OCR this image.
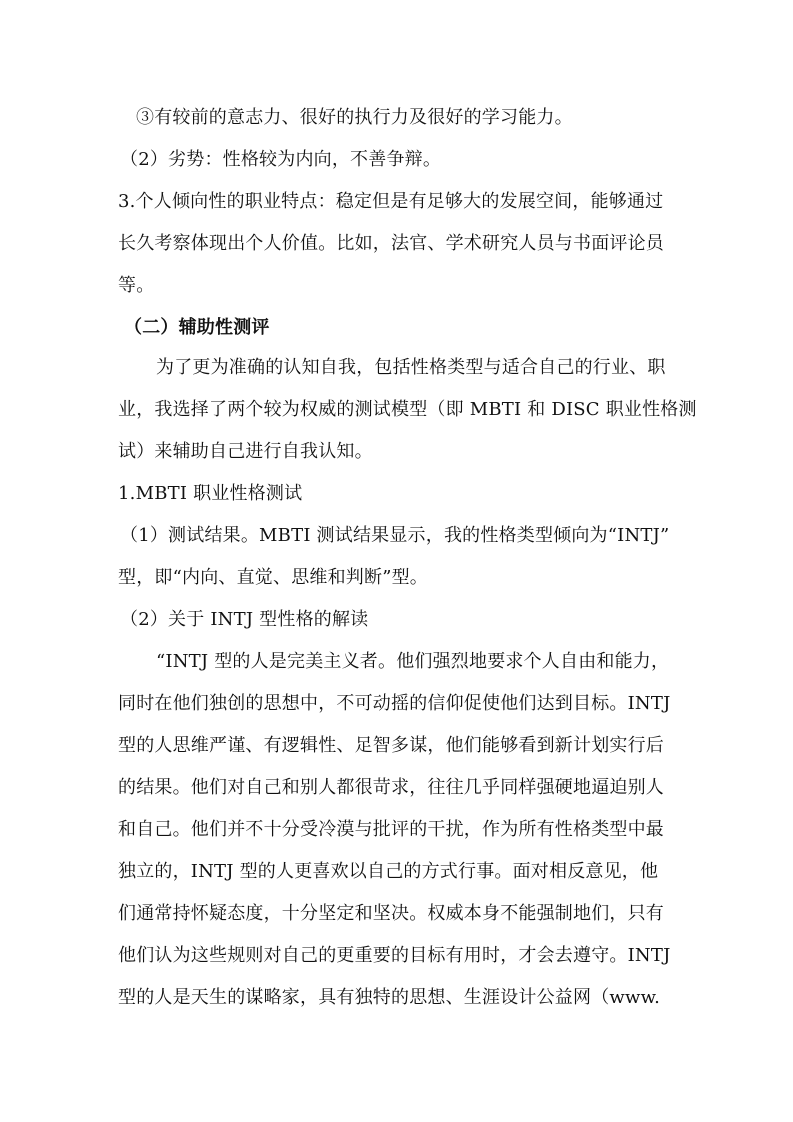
③有较前的意志力、很好的执行力及很好的学习能力。
（2）劣势：性格较为内向，不善争辩。
3.个人倾向性的职业特点：稳定但是有足够大的发展空间，能够通过
长久考察体现出个人价值。比如，法官、学术研究人员与书面评论员
等。
（二）辅助性测评
为了更为准确的认知自我，包括性格类型与适合自己的行业、职
业，我选择了两个较为权威的测试模型（即 MBTI 和 DISC 职业性格测
试）来辅助自己进行自我认知。
1.MBTI 职业性格测试
（1）测试结果。MBTI 测试结果显示，我的性格类型倾向为“INTJ”
型，即“内向、直觉、思维和判断”型。
（2）关于 INTJ 型性格的解读
“INTJ 型的人是完美主义者。他们强烈地要求个人自由和能力，
同时在他们独创的思想中，不可动摇的信仰促使他们达到目标。INTJ
型的人思维严谨、有逻辑性、足智多谋，他们能够看到新计划实行后
的结果。他们对自己和别人都很苛求，往往几乎同样强硬地逼迫别人
和自己。他们并不十分受冷漠与批评的干扰，作为所有性格类型中最
独立的，INTJ 型的人更喜欢以自己的方式行事。面对相反意见，他
们通常持怀疑态度，十分坚定和坚决。权威本身不能强制地们，只有
他们认为这些规则对自己的更重要的目标有用时，才会去遵守。INTJ
型的人是天生的谋略家，具有独特的思想、生涯设计公益网（www.
